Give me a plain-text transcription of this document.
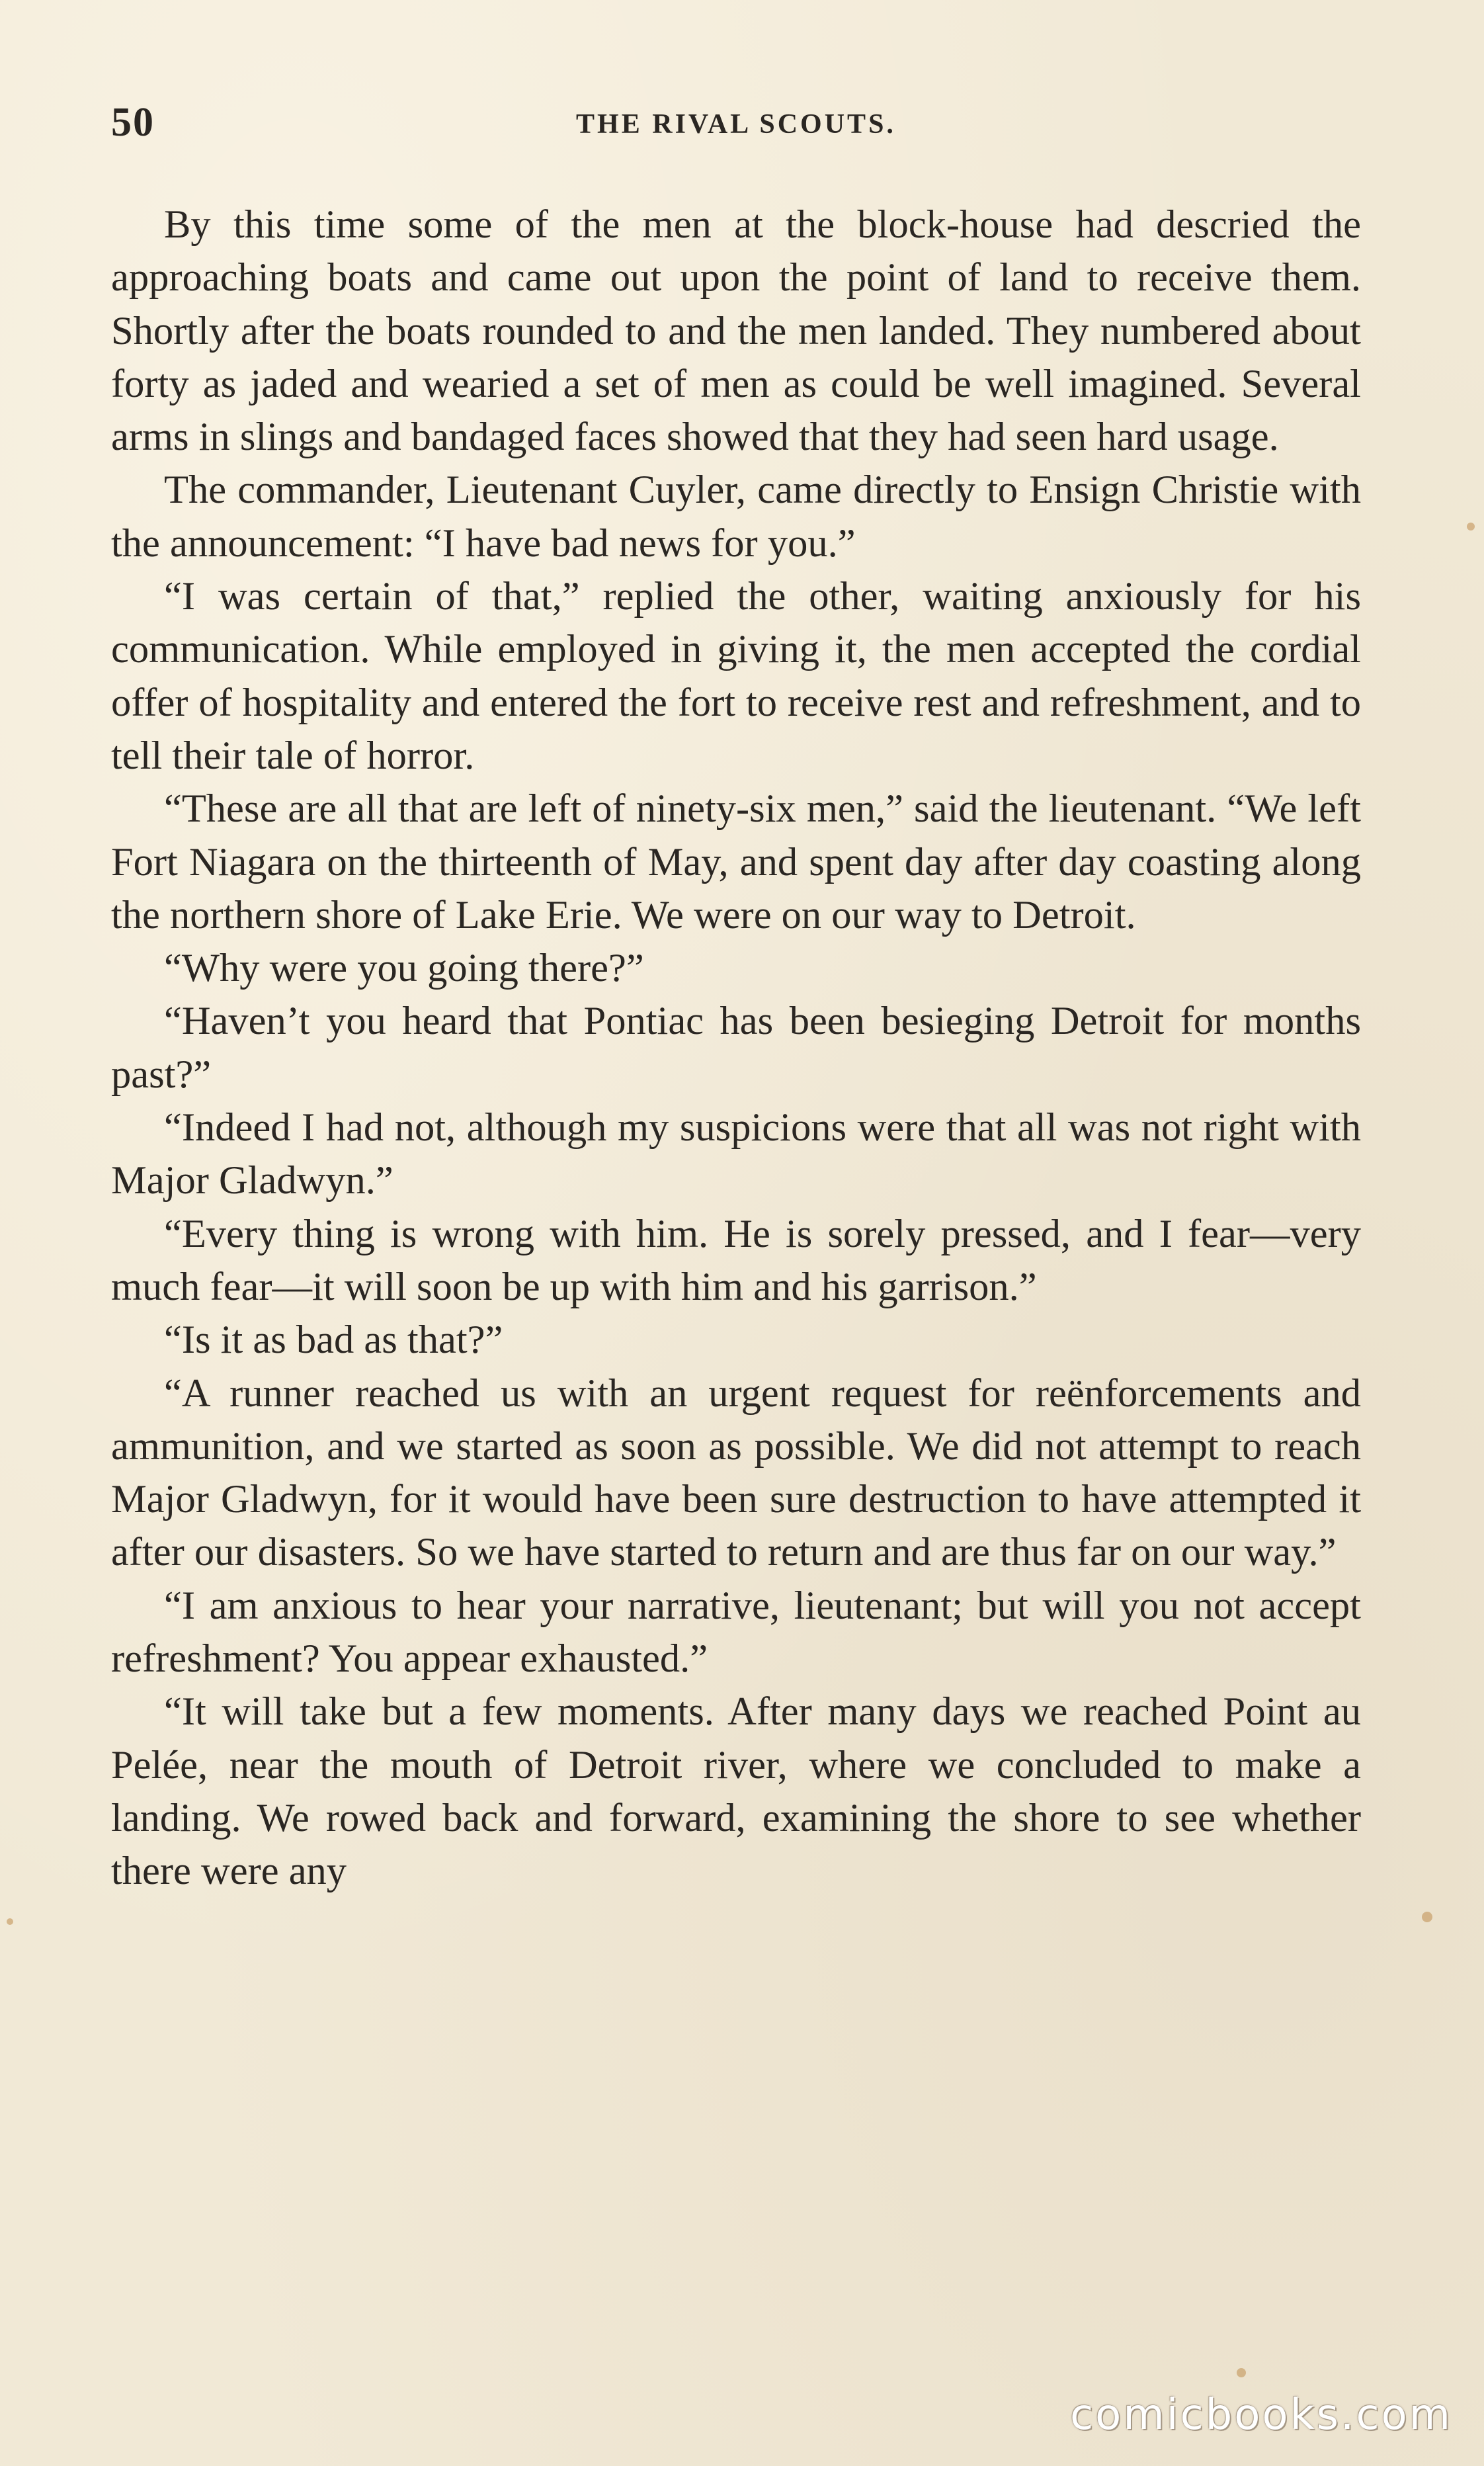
50	THE RIVAL SCOUTS.

By this time some of the men at the block-house had descried the approaching boats and came out upon the point of land to receive them. Shortly after the boats rounded to and the men landed. They numbered about forty as jaded and wearied a set of men as could be well imagined. Several arms in slings and bandaged faces showed that they had seen hard usage.

The commander, Lieutenant Cuyler, came directly to Ensign Christie with the announcement: “I have bad news for you.”

“I was certain of that,” replied the other, waiting anxiously for his communication. While employed in giving it, the men accepted the cordial offer of hospitality and entered the fort to receive rest and refreshment, and to tell their tale of horror.

“These are all that are left of ninety-six men,” said the lieutenant. “We left Fort Niagara on the thirteenth of May, and spent day after day coasting along the northern shore of Lake Erie. We were on our way to Detroit.

“Why were you going there?”

“Haven’t you heard that Pontiac has been besieging Detroit for months past?”

“Indeed I had not, although my suspicions were that all was not right with Major Gladwyn.”

“Every thing is wrong with him. He is sorely pressed, and I fear—very much fear—it will soon be up with him and his garrison.”

“Is it as bad as that?”

“A runner reached us with an urgent request for reënforcements and ammunition, and we started as soon as possible. We did not attempt to reach Major Gladwyn, for it would have been sure destruction to have attempted it after our disasters. So we have started to return and are thus far on our way.”

“I am anxious to hear your narrative, lieutenant; but will you not accept refreshment? You appear exhausted.”

“It will take but a few moments. After many days we reached Point au Pelée, near the mouth of Detroit river, where we concluded to make a landing. We rowed back and forward, examining the shore to see whether there were any

comicbooks.com
